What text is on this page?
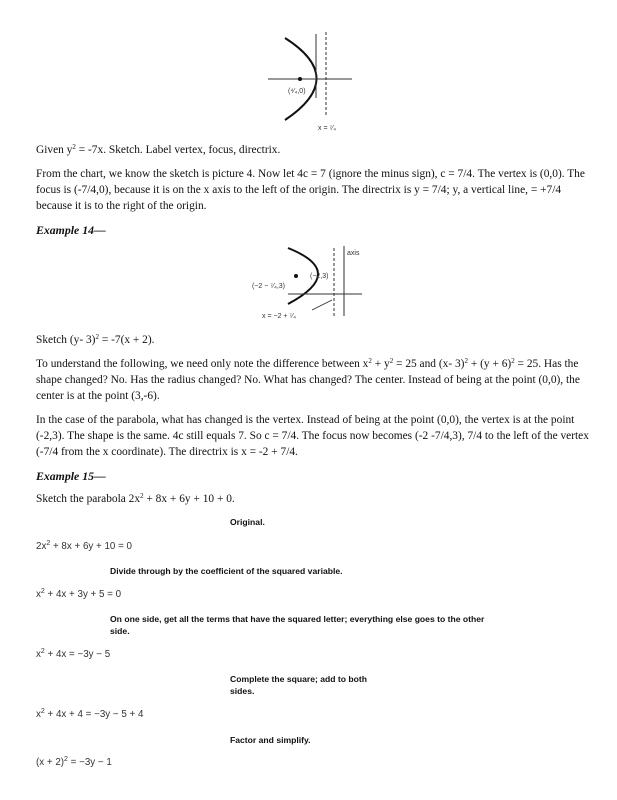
(⁴⁄₄,0)
x = ⁷⁄₄
Given $y^2 = -7x$. Sketch. Label vertex, focus, directrix.
From the chart, we know the sketch is picture 4. Now let 4c = 7 (ignore the minus sign), c = 7/4. The vertex is (0,0). The focus is (-7/4,0), because it is on the x axis to the left of the origin. The directrix is y = 7/4; y, a vertical line, = +7/4 because it is to the right of the origin.
Example 14—
(−2 − ⁷⁄₄,3)
(−2,3)
axis
x = −2 + ⁷⁄₄
Sketch (y- 3)$^2$ = -7(x + 2).
To understand the following, we need only note the difference between $x^2 + y^2 = 25$ and (x- $3)^2 + (y + 6)^2 = 25$. Has the shape changed? No. Has the radius changed? No. What has changed? The center. Instead of being at the point (0,0), the center is at the point (3,-6).
In the case of the parabola, what has changed is the vertex. Instead of being at the point (0,0), the vertex is at the point (-2,3). The shape is the same. 4c still equals 7. So c = 7/4. The focus now becomes (-2 -7/4,3), 7/4 to the left of the vertex (-7/4 from the x coordinate). The directrix is x = -2 + 7/4.
Example 15—
Sketch the parabola $2x^2 + 8x + 6y + 10 + 0$.
Original.
$2x^2 + 8x + 6y + 10 = 0$
Divide through by the coefficient of the squared variable.
$x^2 + 4x + 3y + 5 = 0$
On one side, get all the terms that have the squared letter; everything else goes to the other side.
$x^2 + 4x = -3y - 5$
Complete the square; add to both sides.
$x^2 + 4x + 4 = -3y - 5 + 4$
Factor and simplify.
$(x + 2)^2 = -3y - 1$
